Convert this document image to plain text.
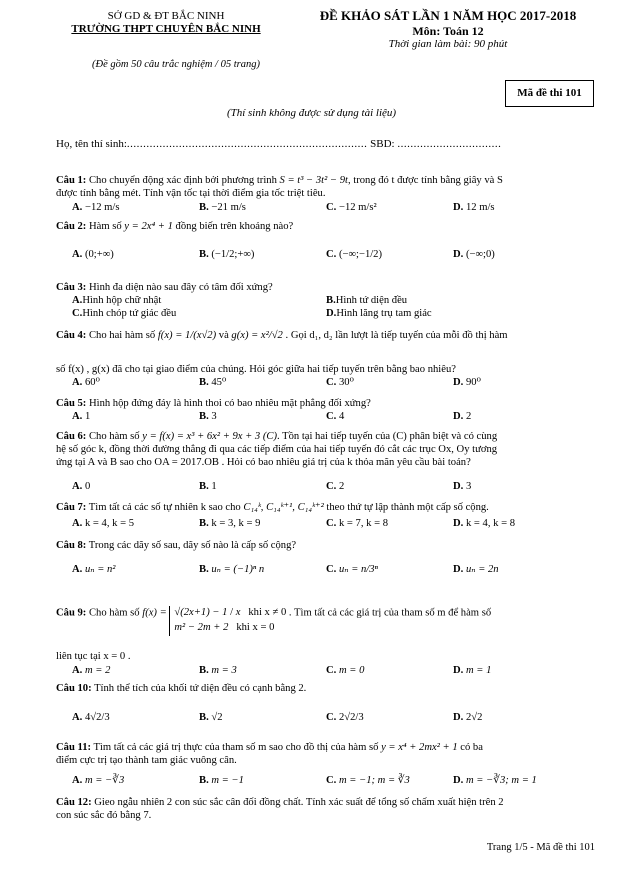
SỞ GD & ĐT BẮC NINH
TRƯỜNG THPT CHUYÊN BẮC NINH
(Đề gồm 50 câu trắc nghiệm / 05 trang)
ĐỀ KHẢO SÁT LẦN 1 NĂM HỌC 2017-2018
Môn: Toán 12
Thời gian làm bài: 90 phút
Mã đề thi 101
(Thí sinh không được sử dụng tài liệu)
Họ, tên thí sinh:.......................................................................... SBD: ................................
Câu 1: Cho chuyển động xác định bởi phương trình S = t³ − 3t² − 9t, trong đó t được tính bằng giây và S
được tính bằng mét. Tính vận tốc tại thời điểm gia tốc triệt tiêu.
A. −12 m/s	B. −21 m/s	C. −12 m/s²	D. 12 m/s
Câu 2: Hàm số y = 2x⁴ + 1 đồng biến trên khoảng nào?
A. (0;+∞)	B. (−1/2;+∞)	C. (−∞;−1/2)	D. (−∞;0)
Câu 3: Hình đa diện nào sau đây có tâm đối xứng?
A. Hình hộp chữ nhật	B. Hình tứ diện đều
C. Hình chóp tứ giác đều	D. Hình lăng trụ tam giác
Câu 4: Cho hai hàm số f(x) = 1/(x√2) và g(x) = x²/√2 . Gọi d₁, d₂ lần lượt là tiếp tuyến của mỗi đồ thị hàm
số f(x) , g(x) đã cho tại giao điểm của chúng. Hỏi góc giữa hai tiếp tuyến trên bằng bao nhiêu?
A. 60⁰	B. 45⁰	C. 30⁰	D. 90⁰
Câu 5: Hình hộp đứng đáy là hình thoi có bao nhiêu mặt phẳng đối xứng?
A. 1	B. 3	C. 4	D. 2
Câu 6: Cho hàm số y = f(x) = x³ + 6x² + 9x + 3 (C). Tồn tại hai tiếp tuyến của (C) phân biệt và có cùng
hệ số góc k, đồng thời đường thẳng đi qua các tiếp điểm của hai tiếp tuyến đó cắt các trục Ox, Oy tương
ứng tại A và B sao cho OA = 2017.OB . Hỏi có bao nhiêu giá trị của k thỏa mãn yêu cầu bài toán?
A. 0	B. 1	C. 2	D. 3
Câu 7: Tìm tất cả các số tự nhiên k sao cho C₁₄ᵏ, C₁₄ᵏ⁺¹, C₁₄ᵏ⁺² theo thứ tự lập thành một cấp số cộng.
A. k = 4, k = 5	B. k = 3, k = 9	C. k = 7, k = 8	D. k = 4, k = 8
Câu 8: Trong các dãy số sau, dãy số nào là cấp số cộng?
A. uₙ = n²	B. uₙ = (−1)ⁿ n	C. uₙ = n/3ⁿ	D. uₙ = 2n
Câu 9: Cho hàm số f(x) = √(2x+1) − 1 / x khi x ≠ 0
m² − 2m + 2 khi x = 0
. Tìm tất cả các giá trị của tham số m để hàm số
liên tục tại x = 0 .
A. m = 2	B. m = 3	C. m = 0	D. m = 1
Câu 10: Tính thể tích của khối tứ diện đều có cạnh bằng 2.
A. 4√2/3	B. √2	C. 2√2/3	D. 2√2
Câu 11: Tìm tất cả các giá trị thực của tham số m sao cho đồ thị của hàm số y = x⁴ + 2mx² + 1 có ba
điểm cực trị tạo thành tam giác vuông cân.
A. m = −∛3	B. m = −1	C. m = −1; m = ∛3	D. m = −∛3; m = 1
Câu 12: Gieo ngẫu nhiên 2 con súc sắc cân đối đồng chất. Tính xác suất để tổng số chấm xuất hiện trên 2
con súc sắc đó bằng 7.
Trang 1/5 - Mã đề thi 101
